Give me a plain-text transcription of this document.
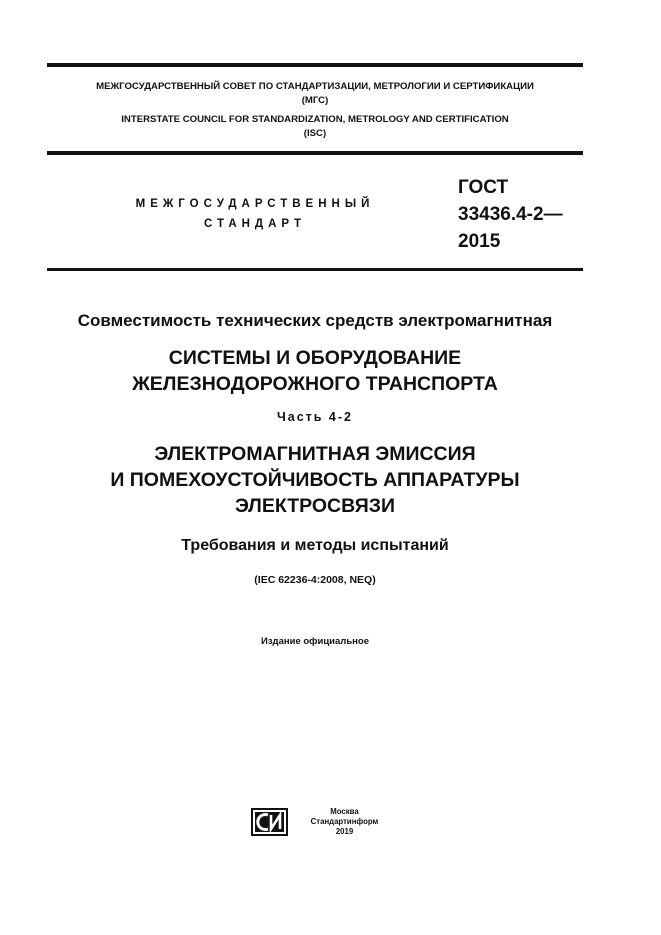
МЕЖГОСУДАРСТВЕННЫЙ СОВЕТ ПО СТАНДАРТИЗАЦИИ, МЕТРОЛОГИИ И СЕРТИФИКАЦИИ
(МГС)
INTERSTATE COUNCIL FOR STANDARDIZATION, METROLOGY AND CERTIFICATION
(ISC)
МЕЖГОСУДАРСТВЕННЫЙ
СТАНДАРТ
ГОСТ
33436.4-2—
2015
Совместимость технических средств электромагнитная
СИСТЕМЫ И ОБОРУДОВАНИЕ
ЖЕЛЕЗНОДОРОЖНОГО ТРАНСПОРТА
Часть 4-2
ЭЛЕКТРОМАГНИТНАЯ ЭМИССИЯ
И ПОМЕХОУСТОЙЧИВОСТЬ АППАРАТУРЫ
ЭЛЕКТРОСВЯЗИ
Требования и методы испытаний
(IEC 62236-4:2008, NEQ)
Издание официальное
Москва
Стандартинформ
2019
